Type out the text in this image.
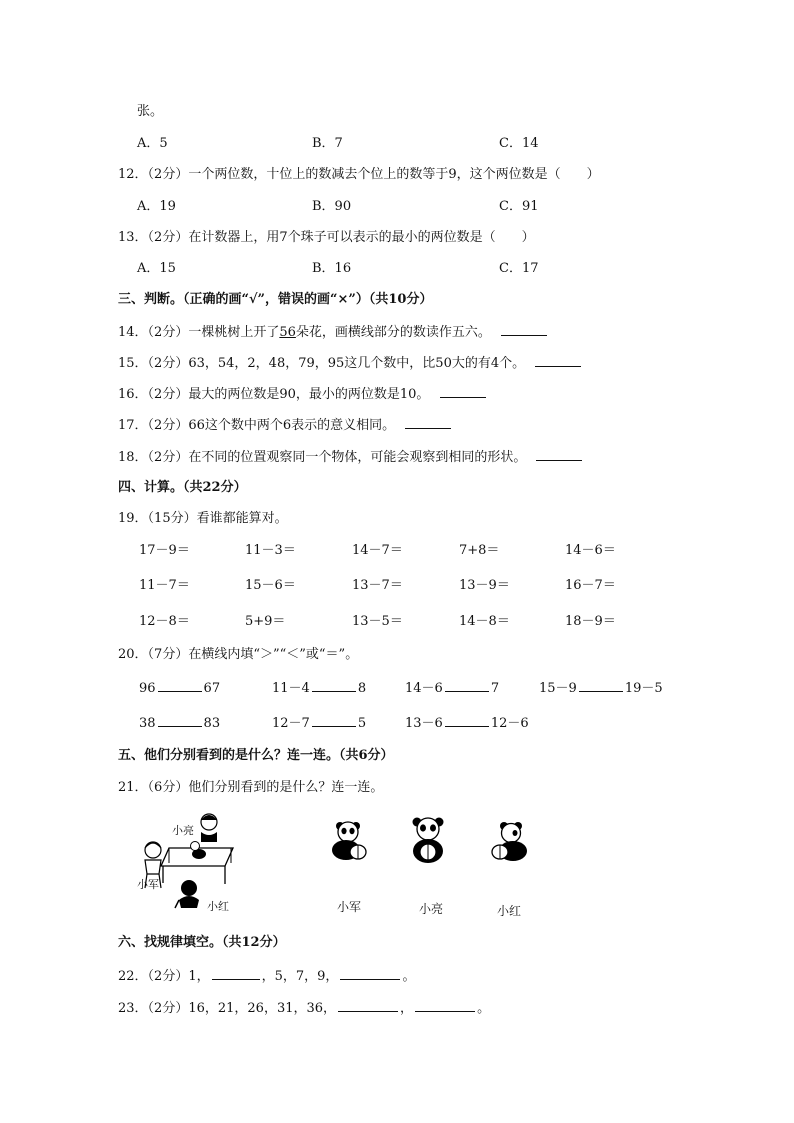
张。
A．5	B．7	C．14
12．（2分）一个两位数，十位上的数减去个位上的数等于9，这个两位数是（　　）
A．19	B．90	C．91
13．（2分）在计数器上，用7个珠子可以表示的最小的两位数是（　　）
A．15	B．16	C．17
三、判断。（正确的画“√”，错误的画“×”）（共10分）
14．（2分）一棵桃树上开了56朵花，画横线部分的数读作五六。
15．（2分）63，54，2，48，79，95这几个数中，比50大的有4个。
16．（2分）最大的两位数是90，最小的两位数是10。
17．（2分）66这个数中两个6表示的意义相同。
18．（2分）在不同的位置观察同一个物体，可能会观察到相同的形状。
四、计算。（共22分）
19．（15分）看谁都能算对。
17－9＝	11－3＝	14－7＝	7+8＝	14－6＝
11－7＝	15－6＝	13－7＝	13－9＝	16－7＝
12－8＝	5+9＝	13－5＝	14－8＝	18－9＝
20．（7分）在横线内填“＞”“＜”或“＝”。
96	67	11－4	8	14－6	7	15－9	19－5
38	83	12－7	5	13－6	12－6
五、他们分别看到的是什么？连一连。（共6分）
21．（6分）他们分别看到的是什么？连一连。
小亮
小军
小红	小军	小亮	小红
六、找规律填空。（共12分）
22．（2分）1，	，5，7，9，	。
23．（2分）16，21，26，31，36，	，	。
